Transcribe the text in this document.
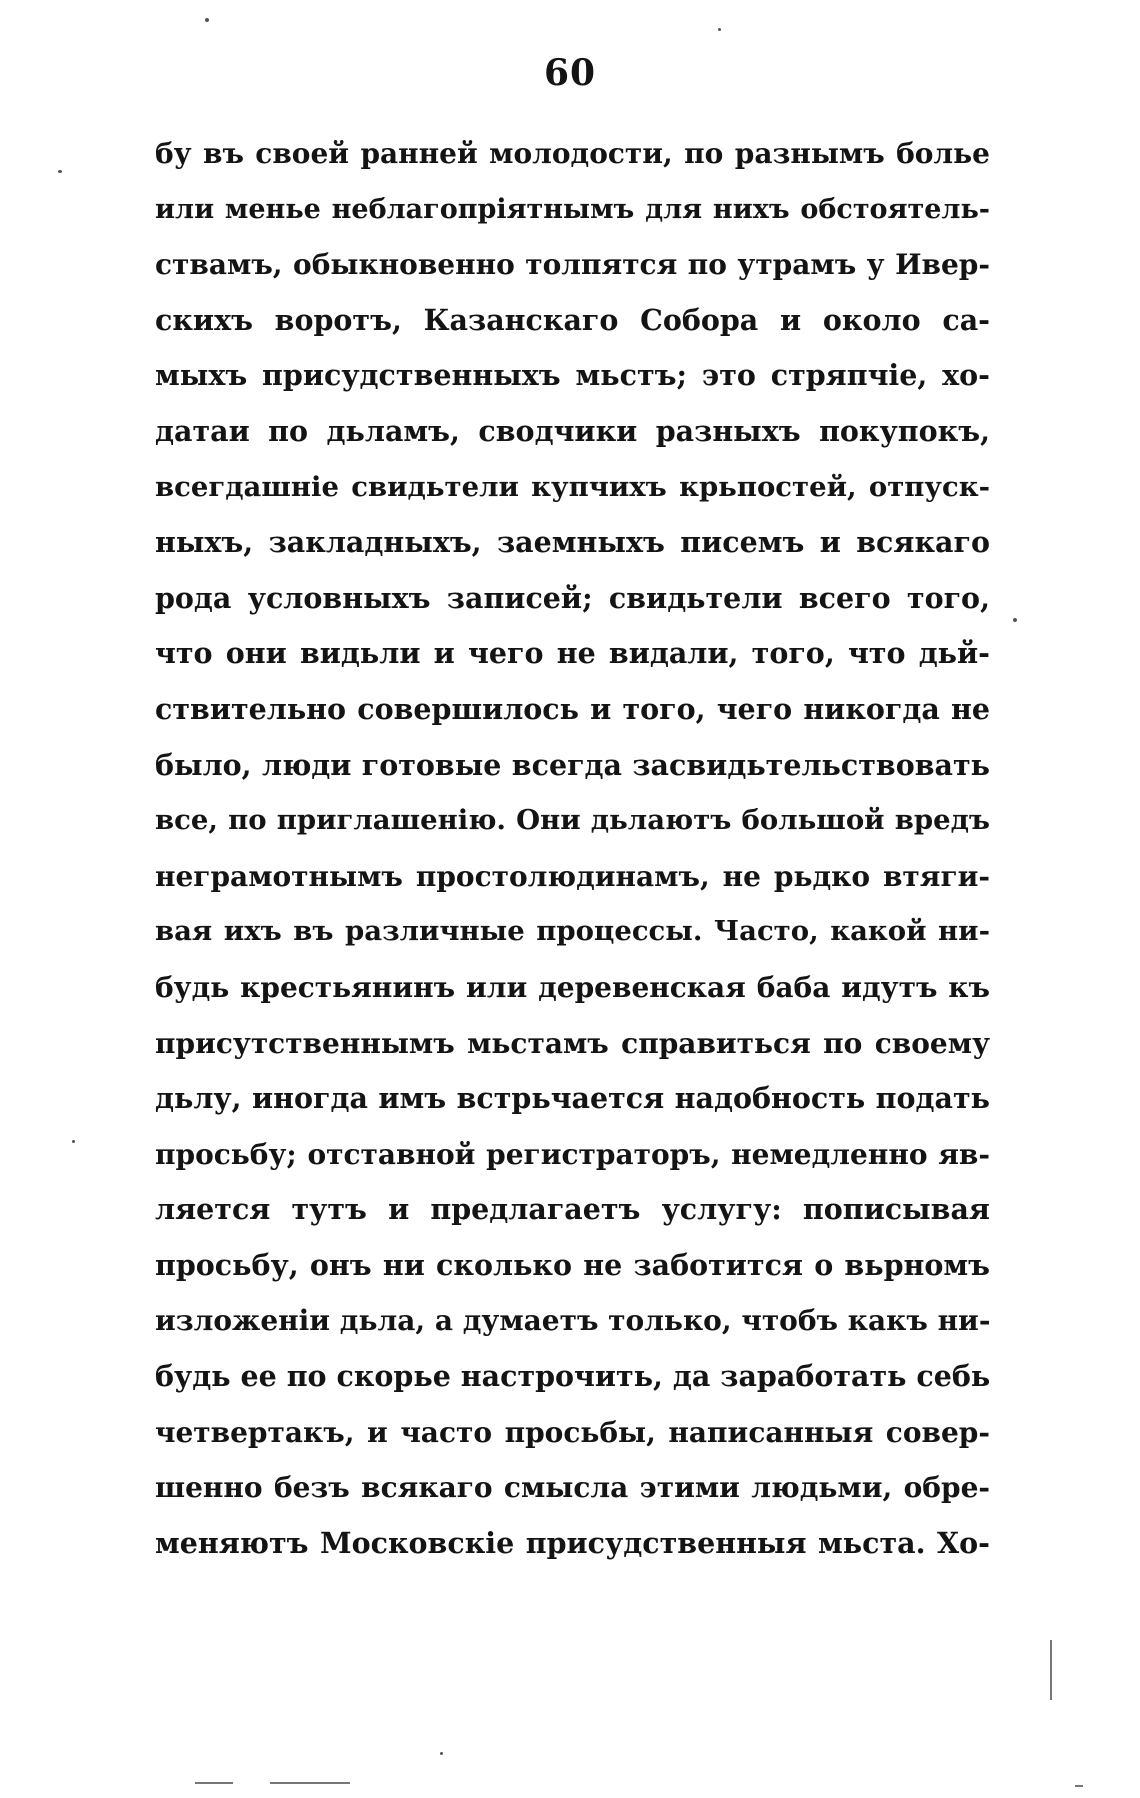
60
бу въ своей ранней молодости, по разнымъ болье
или меньe неблагопріятнымъ для нихъ обстоятель-
ствамъ, обыкновенно толпятся по утрамъ у Ивер-
скихъ воротъ, Казанскаго Собора и около са-
мыхъ присудственныхъ мьстъ; это стряпчіе, хо-
датаи по дьламъ, сводчики разныхъ покупокъ,
всегдашніе свидьтели купчихъ крьпостей, отпуск-
ныхъ, закладныхъ, заемныхъ писемъ и всякаго
рода условныхъ записей; свидьтели всего того,
что они видьли и чего не видали, того, что дьй-
ствительно совершилось и того, чего никогда не
было, люди готовые всегда засвидьтельствовать
все, по приглашенію. Они дьлаютъ большой вредъ
неграмотнымъ простолюдинамъ, не рьдко втяги-
вая ихъ въ различные процессы. Часто, какой ни-
будь крестьянинъ или деревенская баба идутъ къ
присутственнымъ мьстамъ справиться по своему
дьлу, иногда имъ встрьчается надобность подать
просьбу; отставной регистраторъ, немедленно яв-
ляется тутъ и предлагаетъ услугу: пописывая
просьбу, онъ ни сколько не заботится о вьрномъ
изложеніи дьла, а думаетъ только, чтобъ какъ ни-
будь ее по скорье настрочить, да заработать себь
четвертакъ, и часто просьбы, написанныя совер-
шенно безъ всякаго смысла этими людьми, обре-
меняютъ Московскіе присудственныя мьста. Хо-
